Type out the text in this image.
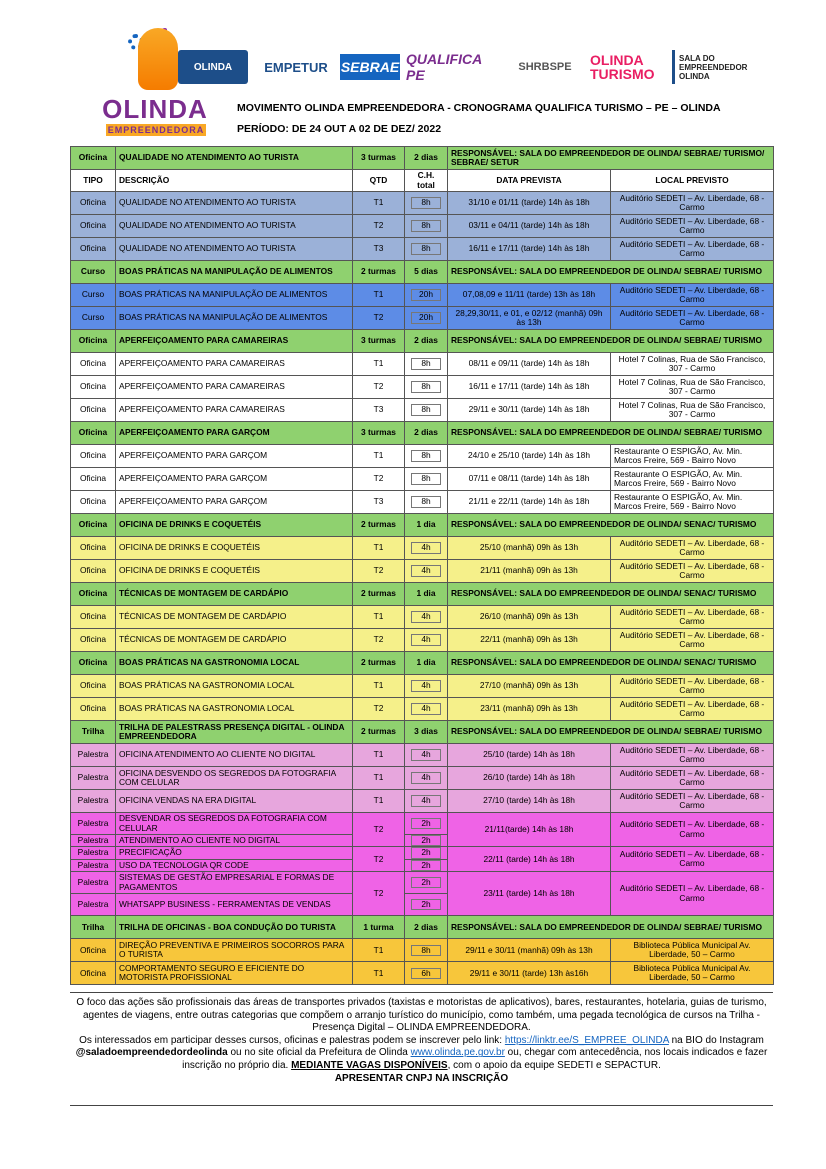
OLINDA
EMPREENDEDORA
OLINDA	EMPETUR SEBRAE QUALIFICA PE	SHRBSPE	OLINDA TURISMO
SALA DO EMPREENDEDOR OLINDA
MOVIMENTO OLINDA EMPREENDEDORA - CRONOGRAMA QUALIFICA TURISMO – PE – OLINDA
PERÍODO: DE 24 OUT A 02 DE DEZ/ 2022
Oficina	QUALIDADE NO ATENDIMENTO AO TURISTA	3 turmas	2 dias	RESPONSÁVEL: SALA DO EMPREENDEDOR DE OLINDA/ SEBRAE/ TURISMO/ SEBRAE/ SETUR	
TIPO	DESCRIÇÃO	QTD	C.H. total	DATA PREVISTA	LOCAL PREVISTO
Oficina	QUALIDADE NO ATENDIMENTO AO TURISTA	T1	8h	31/10 e 01/11 (tarde) 14h às 18h	Auditório SEDETI – Av. Liberdade, 68 - Carmo
Oficina	QUALIDADE NO ATENDIMENTO AO TURISTA	T2	8h	03/11 e 04/11 (tarde) 14h às 18h	Auditório SEDETI – Av. Liberdade, 68 - Carmo
Oficina	QUALIDADE NO ATENDIMENTO AO TURISTA	T3	8h	16/11 e 17/11 (tarde) 14h às 18h	Auditório SEDETI – Av. Liberdade, 68 - Carmo
Curso	BOAS PRÁTICAS NA MANIPULAÇÃO DE ALIMENTOS	2 turmas	5 dias	RESPONSÁVEL: SALA DO EMPREENDEDOR DE OLINDA/ SEBRAE/ TURISMO	
Curso	BOAS PRÁTICAS NA MANIPULAÇÃO DE ALIMENTOS	T1	20h	07,08,09 e 11/11 (tarde) 13h às 18h	Auditório SEDETI – Av. Liberdade, 68 - Carmo
Curso	BOAS PRÁTICAS NA MANIPULAÇÃO DE ALIMENTOS	T2	20h	28,29,30/11, e 01, e 02/12 (manhã) 09h às 13h	Auditório SEDETI – Av. Liberdade, 68 - Carmo
Oficina	APERFEIÇOAMENTO PARA CAMAREIRAS	3 turmas	2 dias	RESPONSÁVEL: SALA DO EMPREENDEDOR DE OLINDA/ SEBRAE/ TURISMO	
Oficina	APERFEIÇOAMENTO PARA CAMAREIRAS	T1	8h	08/11 e 09/11 (tarde) 14h às 18h	Hotel 7 Colinas, Rua de São Francisco, 307 - Carmo
Oficina	APERFEIÇOAMENTO PARA CAMAREIRAS	T2	8h	16/11 e 17/11 (tarde) 14h às 18h	Hotel 7 Colinas, Rua de São Francisco, 307 - Carmo
Oficina	APERFEIÇOAMENTO PARA CAMAREIRAS	T3	8h	29/11 e 30/11 (tarde) 14h às 18h	Hotel 7 Colinas, Rua de São Francisco, 307 - Carmo
Oficina	APERFEIÇOAMENTO PARA GARÇOM	3 turmas	2 dias	RESPONSÁVEL: SALA DO EMPREENDEDOR DE OLINDA/ SEBRAE/ TURISMO	
Oficina	APERFEIÇOAMENTO PARA GARÇOM	T1	8h	24/10 e 25/10 (tarde) 14h às 18h	Restaurante O ESPIGÃO, Av. Min. Marcos Freire, 569 - Bairro Novo
Oficina	APERFEIÇOAMENTO PARA GARÇOM	T2	8h	07/11 e 08/11 (tarde) 14h às 18h	Restaurante O ESPIGÃO, Av. Min. Marcos Freire, 569 - Bairro Novo
Oficina	APERFEIÇOAMENTO PARA GARÇOM	T3	8h	21/11 e 22/11 (tarde) 14h às 18h	Restaurante O ESPIGÃO, Av. Min. Marcos Freire, 569 - Bairro Novo
Oficina	OFICINA DE DRINKS E COQUETÉIS	2 turmas	1 dia	RESPONSÁVEL: SALA DO EMPREENDEDOR DE OLINDA/ SENAC/ TURISMO	
Oficina	OFICINA DE DRINKS E COQUETÉIS	T1	4h	25/10 (manhã) 09h às 13h	Auditório SEDETI – Av. Liberdade, 68 - Carmo
Oficina	OFICINA DE DRINKS E COQUETÉIS	T2	4h	21/11 (manhã) 09h às 13h	Auditório SEDETI – Av. Liberdade, 68 - Carmo
Oficina	TÉCNICAS DE MONTAGEM DE CARDÁPIO	2 turmas	1 dia	RESPONSÁVEL: SALA DO EMPREENDEDOR DE OLINDA/ SENAC/ TURISMO	
Oficina	TÉCNICAS DE MONTAGEM DE CARDÁPIO	T1	4h	26/10 (manhã) 09h às 13h	Auditório SEDETI – Av. Liberdade, 68 - Carmo
Oficina	TÉCNICAS DE MONTAGEM DE CARDÁPIO	T2	4h	22/11 (manhã) 09h às 13h	Auditório SEDETI – Av. Liberdade, 68 - Carmo
Oficina	BOAS PRÁTICAS NA GASTRONOMIA LOCAL	2 turmas	1 dia	RESPONSÁVEL: SALA DO EMPREENDEDOR DE OLINDA/ SENAC/ TURISMO	
Oficina	BOAS PRÁTICAS NA GASTRONOMIA LOCAL	T1	4h	27/10 (manhã) 09h às 13h	Auditório SEDETI – Av. Liberdade, 68 - Carmo
Oficina	BOAS PRÁTICAS NA GASTRONOMIA LOCAL	T2	4h	23/11 (manhã) 09h às 13h	Auditório SEDETI – Av. Liberdade, 68 - Carmo
Trilha	TRILHA DE PALESTRASS PRESENÇA DIGITAL - OLINDA EMPREENDEDORA	2 turmas	3 dias	RESPONSÁVEL: SALA DO EMPREENDEDOR DE OLINDA/ SEBRAE/ TURISMO	
Palestra	OFICINA ATENDIMENTO AO CLIENTE NO DIGITAL	T1	4h	25/10 (tarde) 14h às 18h	Auditório SEDETI – Av. Liberdade, 68 - Carmo
Palestra	OFICINA DESVENDO OS SEGREDOS DA FOTOGRAFIA COM CELULAR	T1	4h	26/10 (tarde) 14h às 18h	Auditório SEDETI – Av. Liberdade, 68 - Carmo
Palestra	OFICINA VENDAS NA ERA DIGITAL	T1	4h	27/10 (tarde) 14h às 18h	Auditório SEDETI – Av. Liberdade, 68 - Carmo
Palestra	DESVENDAR OS SEGREDOS DA FOTOGRAFIA COM CELULAR	T2	2h	21/11(tarde) 14h às 18h	Auditório SEDETI – Av. Liberdade, 68 - Carmo
Palestra	ATENDIMENTO AO CLIENTE NO DIGITAL		2h		
Palestra	PRECIFICAÇÃO	T2	2h	22/11 (tarde) 14h às 18h	Auditório SEDETI – Av. Liberdade, 68 - Carmo
Palestra	USO DA TECNOLOGIA QR CODE		2h		
Palestra	SISTEMAS DE GESTÃO EMPRESARIAL E FORMAS DE PAGAMENTOS	T2	2h	23/11 (tarde) 14h às 18h	Auditório SEDETI – Av. Liberdade, 68 - Carmo
Palestra	WHATSAPP BUSINESS - FERRAMENTAS DE VENDAS		2h		
Trilha	TRILHA DE OFICINAS - BOA CONDUÇÃO DO TURISTA	1 turma	2 dias	RESPONSÁVEL: SALA DO EMPREENDEDOR DE OLINDA/ SEBRAE/ TURISMO	
Oficina	DIREÇÃO PREVENTIVA E PRIMEIROS SOCORROS PARA O TURISTA	T1	8h	29/11 e 30/11 (manhã) 09h às 13h	Biblioteca Pública Municipal Av. Liberdade, 50 – Carmo
Oficina	COMPORTAMENTO SEGURO E EFICIENTE DO MOTORISTA PROFISSIONAL	T1	6h	29/11 e 30/11 (tarde) 13h às16h	Biblioteca Pública Municipal Av. Liberdade, 50 – Carmo
O foco das ações são profissionais das áreas de transportes privados (taxistas e motoristas de aplicativos), bares, restaurantes, hotelaria, guias de turismo, agentes de viagens, entre outras categorias que compõem o arranjo turístico do município, como também, uma pegada tecnológica de cursos na Trilha - Presença Digital – OLINDA EMPREENDEDORA.
Os interessados em participar desses cursos, oficinas e palestras podem se inscrever pelo link: https://linktr.ee/S_EMPREE_OLINDA na BIO do Instagram @saladoempreendedordeolinda ou no site oficial da Prefeitura de Olinda www.olinda.pe.gov.br ou, chegar com antecedência, nos locais indicados e fazer inscrição no próprio dia. MEDIANTE VAGAS DISPONÍVEIS, com o apoio da equipe SEDETI e SEPACTUR.
APRESENTAR CNPJ NA INSCRIÇÃO
